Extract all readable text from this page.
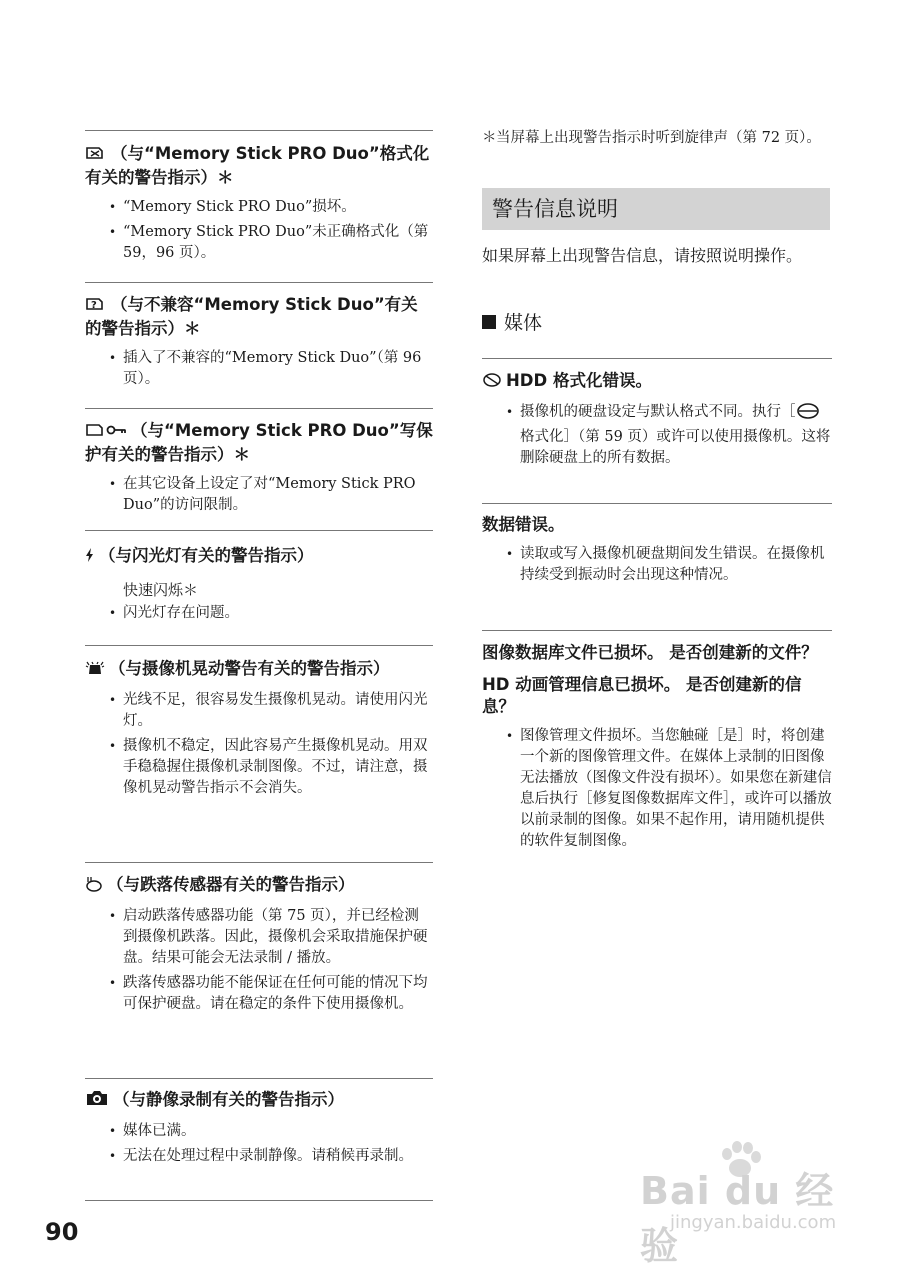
（与“Memory Stick PRO Duo”格式化有关的警告指示）＊

• “Memory Stick PRO Duo”损坏。
• “Memory Stick PRO Duo”未正确格式化（第 59，96 页）。

? （与不兼容“Memory Stick Duo”有关的警告指示）＊

• 插入了不兼容的“Memory Stick Duo”（第 96 页）。

（与“Memory Stick PRO Duo”写保护有关的警告指示）＊

• 在其它设备上设定了对“Memory Stick PRO Duo”的访问限制。

（与闪光灯有关的警告指示）

快速闪烁＊
• 闪光灯存在问题。

（与摄像机晃动警告有关的警告指示）

• 光线不足，很容易发生摄像机晃动。请使用闪光灯。
• 摄像机不稳定，因此容易产生摄像机晃动。用双手稳稳握住摄像机录制图像。不过，请注意，摄像机晃动警告指示不会消失。

（与跌落传感器有关的警告指示）

• 启动跌落传感器功能（第 75 页），并已经检测到摄像机跌落。因此，摄像机会采取措施保护硬盘。结果可能会无法录制 / 播放。
• 跌落传感器功能不能保证在任何可能的情况下均可保护硬盘。请在稳定的条件下使用摄像机。

（与静像录制有关的警告指示）

• 媒体已满。
• 无法在处理过程中录制静像。请稍候再录制。
＊ 当屏幕上出现警告指示时听到旋律声（第 72 页）。
警告信息说明
如果屏幕上出现警告信息，请按照说明操作。
媒体

HDD 格式化错误。

• 摄像机的硬盘设定与默认格式不同。执行［格式化］（第 59 页）或许可以使用摄像机。这将删除硬盘上的所有数据。

数据错误。

• 读取或写入摄像机硬盘期间发生错误。在摄像机持续受到振动时会出现这种情况。

图像数据库文件已损坏。 是否创建新的文件？

HD 动画管理信息已损坏。 是否创建新的信息？

• 图像管理文件损坏。当您触碰［是］时，将创建一个新的图像管理文件。在媒体上录制的旧图像无法播放（图像文件没有损坏）。如果您在新建信息后执行［修复图像数据库文件］，或许可以播放以前录制的图像。如果不起作用，请用随机提供的软件复制图像。
90
Bai du 经验
jingyan.baidu.com
